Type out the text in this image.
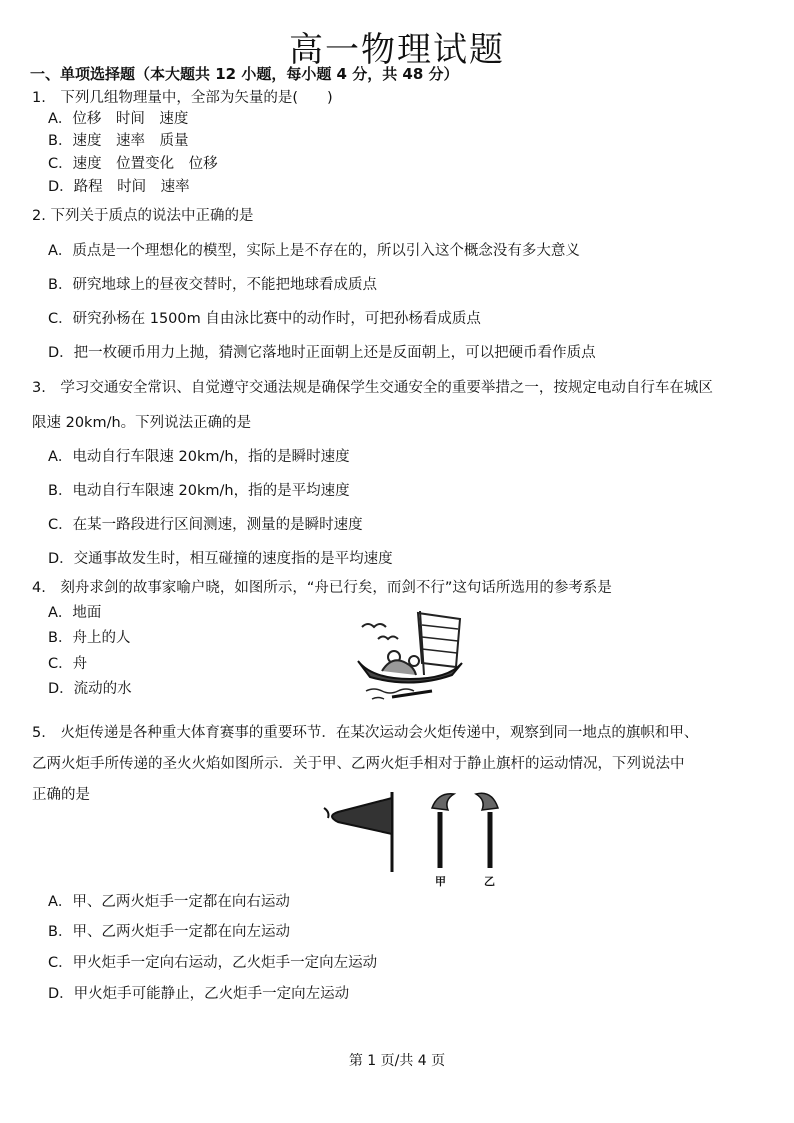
高一物理试题
一、单项选择题（本大题共 12 小题，每小题 4 分，共 48 分）
1.　下列几组物理量中，全部为矢量的是(　　)
A．位移　时间　速度
B．速度　速率　质量
C．速度　位置变化　位移
D．路程　时间　速率
2. 下列关于质点的说法中正确的是
A．质点是一个理想化的模型，实际上是不存在的，所以引入这个概念没有多大意义
B．研究地球上的昼夜交替时，不能把地球看成质点
C．研究孙杨在 1500m 自由泳比赛中的动作时，可把孙杨看成质点
D．把一枚硬币用力上抛，猜测它落地时正面朝上还是反面朝上，可以把硬币看作质点
3.　学习交通安全常识、自觉遵守交通法规是确保学生交通安全的重要举措之一，按规定电动自行车在城区
限速 20km/h。下列说法正确的是
A．电动自行车限速 20km/h，指的是瞬时速度
B．电动自行车限速 20km/h，指的是平均速度
C．在某一路段进行区间测速，测量的是瞬时速度
D．交通事故发生时，相互碰撞的速度指的是平均速度
4.　刻舟求剑的故事家喻户晓，如图所示，“舟已行矣，而剑不行”这句话所选用的参考系是
A．地面
B．舟上的人
C．舟
D．流动的水
5.　火炬传递是各种重大体育赛事的重要环节．在某次运动会火炬传递中，观察到同一地点的旗帜和甲、
乙两火炬手所传递的圣火火焰如图所示．关于甲、乙两火炬手相对于静止旗杆的运动情况，下列说法中
正确的是
甲	乙
A．甲、乙两火炬手一定都在向右运动
B．甲、乙两火炬手一定都在向左运动
C．甲火炬手一定向右运动，乙火炬手一定向左运动
D．甲火炬手可能静止，乙火炬手一定向左运动
第 1 页/共 4 页
